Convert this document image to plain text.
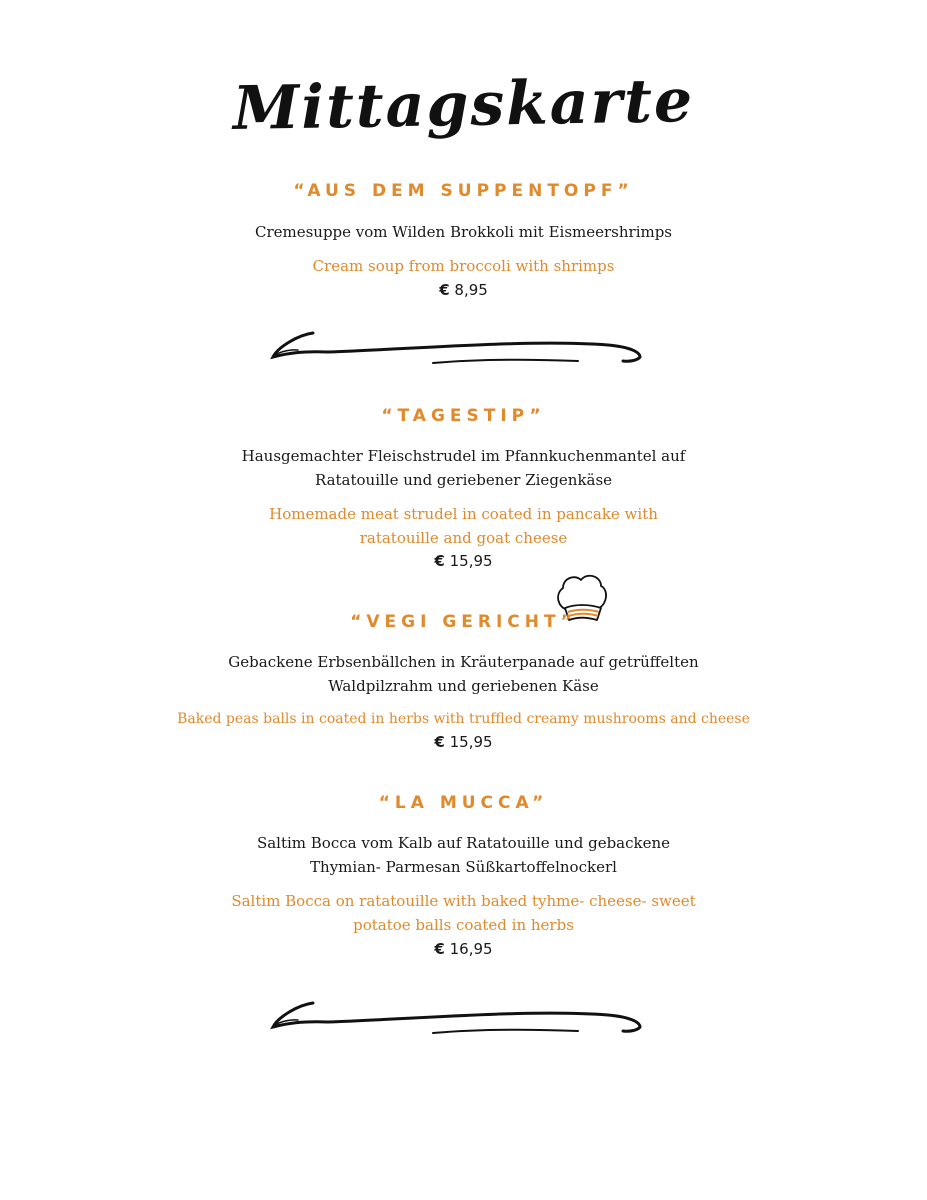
Mittagskarte
“AUS DEM SUPPENTOPF”

Cremesuppe vom Wilden Brokkoli mit Eismeershrimps

Cream soup from broccoli with shrimps

€ 8,95
“TAGESTIP”

Hausgemachter Fleischstrudel im Pfannkuchenmantel auf

Ratatouille und geriebener Ziegenkäse

Homemade meat strudel in coated in pancake with

ratatouille and goat cheese

€ 15,95
“VEGI GERICHT”

Gebackene Erbsenbällchen in Kräuterpanade auf getrüffelten

Waldpilzrahm und geriebenen Käse

Baked peas balls in coated in herbs with truffled creamy mushrooms and cheese

€ 15,95
“LA MUCCA”

Saltim Bocca vom Kalb auf Ratatouille und gebackene

Thymian- Parmesan Süßkartoffelnockerl

Saltim Bocca on ratatouille with baked tyhme- cheese- sweet

potatoe balls coated in herbs

€ 16,95
